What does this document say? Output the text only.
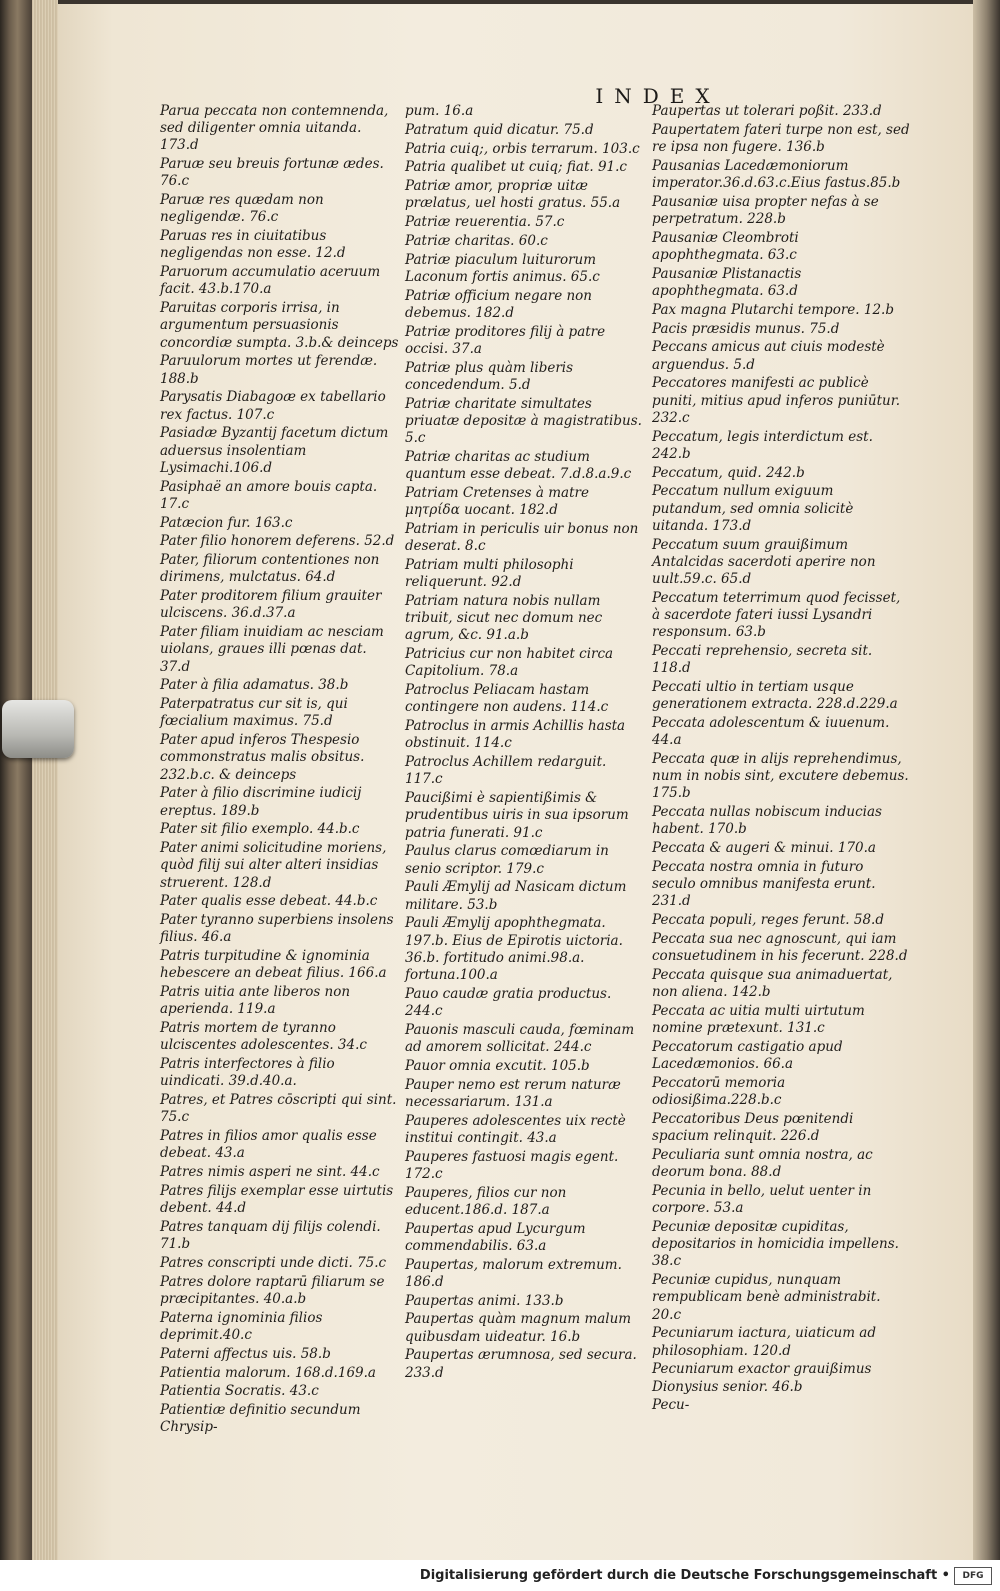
INDEX
Parua peccata non contemnenda, sed diligenter omnia uitanda. 173.d
Paruæ seu breuis fortunæ ædes. 76.c
Paruæ res quædam non negligendæ. 76.c
Paruas res in ciuitatibus negligendas non esse. 12.d
Paruorum accumulatio aceruum facit. 43.b.170.a
Paruitas corporis irrisa, in argumentum persuasionis concordiæ sumpta. 3.b.& deinceps
Paruulorum mortes ut ferendæ. 188.b
Parysatis Diabagoæ ex tabellario rex factus. 107.c
Pasiadæ Byzantij facetum dictum aduersus insolentiam Lysimachi.106.d
Pasiphaë an amore bouis capta. 17.c
Patæcion fur. 163.c
Pater filio honorem deferens. 52.d
Pater, filiorum contentiones non dirimens, mulctatus. 64.d
Pater proditorem filium grauiter ulciscens. 36.d.37.a
Pater filiam inuidiam ac nesciam uiolans, graues illi pœnas dat. 37.d
Pater à filia adamatus. 38.b
Paterpatratus cur sit is, qui fœcialium maximus. 75.d
Pater apud inferos Thespesio commonstratus malis obsitus. 232.b.c. & deinceps
Pater à filio discrimine iudicij ereptus. 189.b
Pater sit filio exemplo. 44.b.c
Pater animi solicitudine moriens, quòd filij sui alter alteri insidias struerent. 128.d
Pater qualis esse debeat. 44.b.c
Pater tyranno superbiens insolens filius. 46.a
Patris turpitudine & ignominia hebescere an debeat filius. 166.a
Patris uitia ante liberos non aperienda. 119.a
Patris mortem de tyranno ulciscentes adolescentes. 34.c
Patris interfectores à filio uindicati. 39.d.40.a.
Patres, et Patres cōscripti qui sint. 75.c
Patres in filios amor qualis esse debeat. 43.a
Patres nimis asperi ne sint. 44.c
Patres filijs exemplar esse uirtutis debent. 44.d
Patres tanquam dij filijs colendi. 71.b
Patres conscripti unde dicti. 75.c
Patres dolore raptarū filiarum se præcipitantes. 40.a.b
Paterna ignominia filios deprimit.40.c
Paterni affectus uis. 58.b
Patientia malorum. 168.d.169.a
Patientia Socratis. 43.c
Patientiæ definitio secundum Chrysip-
pum. 16.a
Patratum quid dicatur. 75.d
Patria cuiq;, orbis terrarum. 103.c
Patria qualibet ut cuiq; fiat. 91.c
Patriæ amor, propriæ uitæ prælatus, uel hosti gratus. 55.a
Patriæ reuerentia. 57.c
Patriæ charitas. 60.c
Patriæ piaculum luiturorum Laconum fortis animus. 65.c
Patriæ officium negare non debemus. 182.d
Patriæ proditores filij à patre occisi. 37.a
Patriæ plus quàm liberis concedendum. 5.d
Patriæ charitate simultates priuatæ depositæ à magistratibus. 5.c
Patriæ charitas ac studium quantum esse debeat. 7.d.8.a.9.c
Patriam Cretenses à matre μητρίδα uocant. 182.d
Patriam in periculis uir bonus non deserat. 8.c
Patriam multi philosophi reliquerunt. 92.d
Patriam natura nobis nullam tribuit, sicut nec domum nec agrum, &c. 91.a.b
Patricius cur non habitet circa Capitolium. 78.a
Patroclus Peliacam hastam contingere non audens. 114.c
Patroclus in armis Achillis hasta obstinuit. 114.c
Patroclus Achillem redarguit. 117.c
Paucißimi è sapientißimis & prudentibus uiris in sua ipsorum patria funerati. 91.c
Paulus clarus comœdiarum in senio scriptor. 179.c
Pauli Æmylij ad Nasicam dictum militare. 53.b
Pauli Æmylij apophthegmata. 197.b. Eius de Epirotis uictoria. 36.b. fortitudo animi.98.a. fortuna.100.a
Pauo caudæ gratia productus. 244.c
Pauonis masculi cauda, fœminam ad amorem sollicitat. 244.c
Pauor omnia excutit. 105.b
Pauper nemo est rerum naturæ necessariarum. 131.a
Pauperes adolescentes uix rectè institui contingit. 43.a
Pauperes fastuosi magis egent. 172.c
Pauperes, filios cur non educent.186.d. 187.a
Paupertas apud Lycurgum commendabilis. 63.a
Paupertas, malorum extremum. 186.d
Paupertas animi. 133.b
Paupertas quàm magnum malum quibusdam uideatur. 16.b
Paupertas ærumnosa, sed secura. 233.d
Paupertas ut tolerari poßit. 233.d
Paupertatem fateri turpe non est, sed re ipsa non fugere. 136.b
Pausanias Lacedæmoniorum imperator.36.d.63.c.Eius fastus.85.b
Pausaniæ uisa propter nefas à se perpetratum. 228.b
Pausaniæ Cleombroti apophthegmata. 63.c
Pausaniæ Plistanactis apophthegmata. 63.d
Pax magna Plutarchi tempore. 12.b
Pacis præsidis munus. 75.d
Peccans amicus aut ciuis modestè arguendus. 5.d
Peccatores manifesti ac publicè puniti, mitius apud inferos puniūtur. 232.c
Peccatum, legis interdictum est. 242.b
Peccatum, quid. 242.b
Peccatum nullum exiguum putandum, sed omnia solicitè uitanda. 173.d
Peccatum suum grauißimum Antalcidas sacerdoti aperire non uult.59.c. 65.d
Peccatum teterrimum quod fecisset, à sacerdote fateri iussi Lysandri responsum. 63.b
Peccati reprehensio, secreta sit. 118.d
Peccati ultio in tertiam usque generationem extracta. 228.d.229.a
Peccata adolescentum & iuuenum. 44.a
Peccata quæ in alijs reprehendimus, num in nobis sint, excutere debemus. 175.b
Peccata nullas nobiscum inducias habent. 170.b
Peccata & augeri & minui. 170.a
Peccata nostra omnia in futuro seculo omnibus manifesta erunt. 231.d
Peccata populi, reges ferunt. 58.d
Peccata sua nec agnoscunt, qui iam consuetudinem in his fecerunt. 228.d
Peccata quisque sua animaduertat, non aliena. 142.b
Peccata ac uitia multi uirtutum nomine prætexunt. 131.c
Peccatorum castigatio apud Lacedæmonios. 66.a
Peccatorū memoria odiosißima.228.b.c
Peccatoribus Deus pœnitendi spacium relinquit. 226.d
Peculiaria sunt omnia nostra, ac deorum bona. 88.d
Pecunia in bello, uelut uenter in corpore. 53.a
Pecuniæ depositæ cupiditas, depositarios in homicidia impellens. 38.c
Pecuniæ cupidus, nunquam rempublicam benè administrabit. 20.c
Pecuniarum iactura, uiaticum ad philosophiam. 120.d
Pecuniarum exactor grauißimus Dionysius senior. 46.b
Pecu-
Digitalisierung gefördert durch die Deutsche Forschungsgemeinschaft •	DFG
